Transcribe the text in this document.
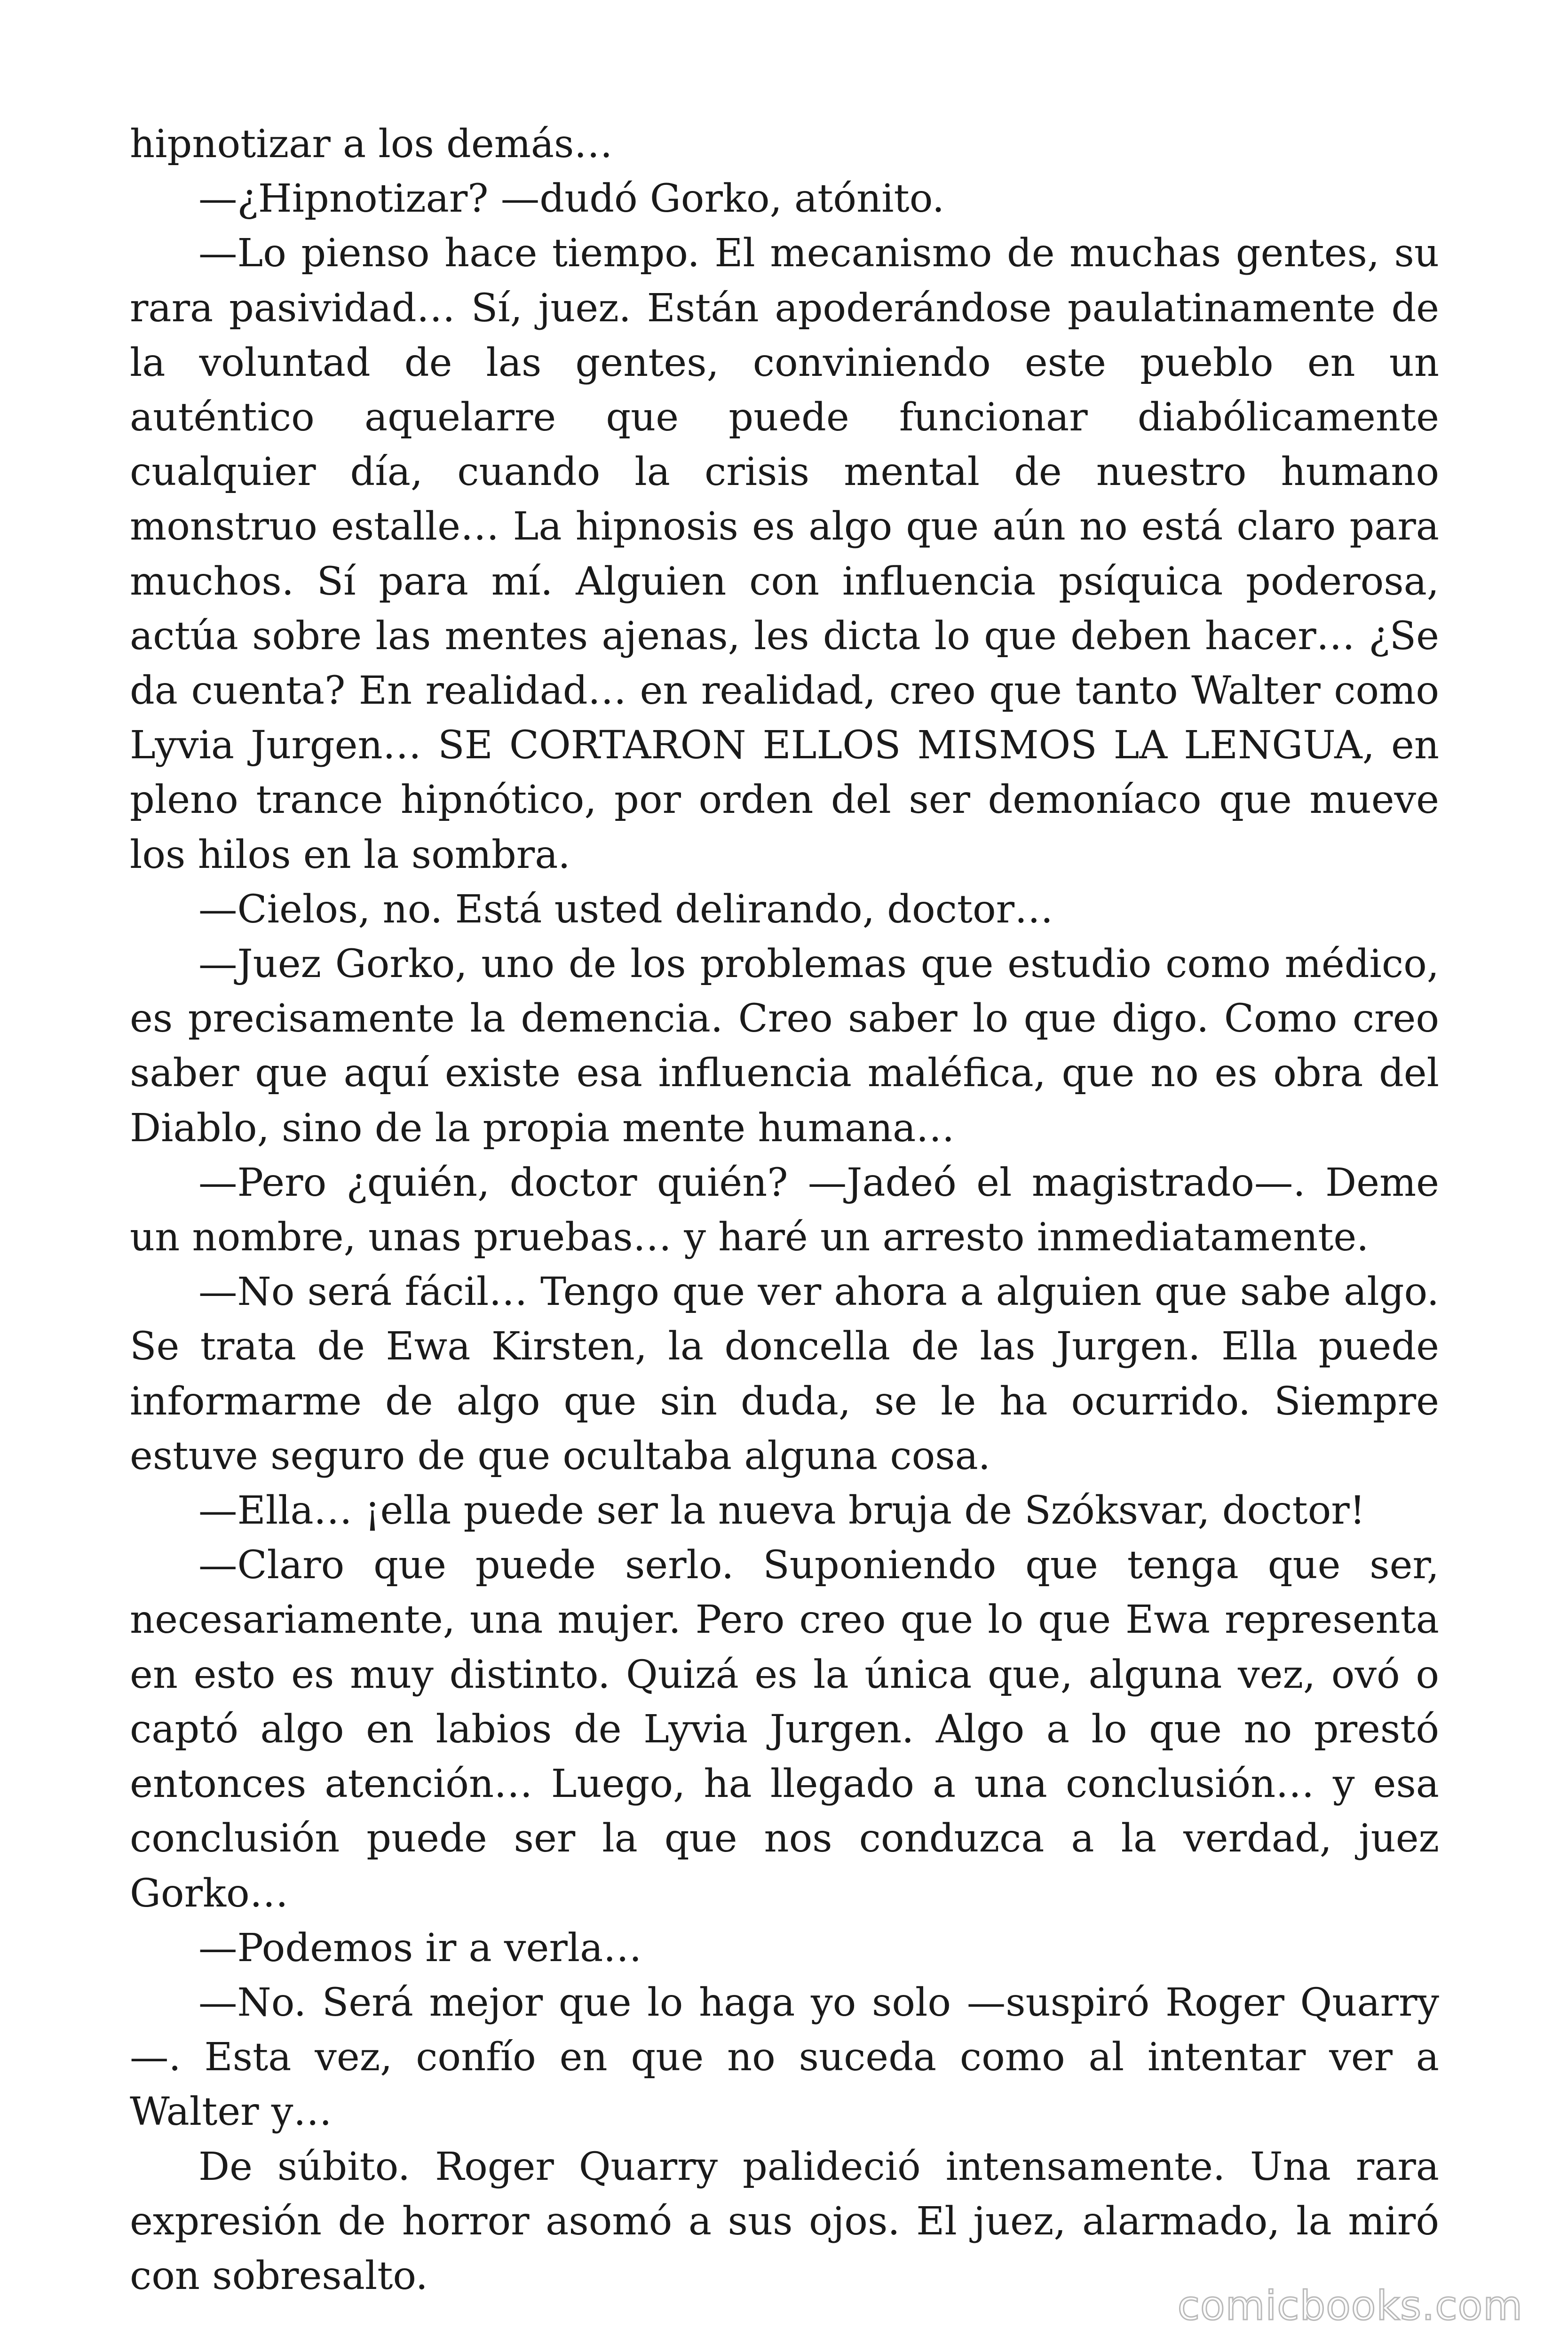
hipnotizar a los demás…

—¿Hipnotizar? —dudó Gorko, atónito.

—Lo pienso hace tiempo. El mecanismo de muchas gentes, su rara pasividad… Sí, juez. Están apoderándose paulatinamente de la voluntad de las gentes, conviniendo este pueblo en un auténtico aquelarre que puede funcionar diabólicamente cualquier día, cuando la crisis mental de nuestro humano monstruo estalle… La hipnosis es algo que aún no está claro para muchos. Sí para mí. Alguien con influencia psíquica poderosa, actúa sobre las mentes ajenas, les dicta lo que deben hacer… ¿Se da cuenta? En realidad… en realidad, creo que tanto Walter como Lyvia Jurgen… SE CORTARON ELLOS MISMOS LA LENGUA, en pleno trance hipnótico, por orden del ser demoníaco que mueve los hilos en la sombra.

—Cielos, no. Está usted delirando, doctor…

—Juez Gorko, uno de los problemas que estudio como médico, es precisamente la demencia. Creo saber lo que digo. Como creo saber que aquí existe esa influencia maléfica, que no es obra del Diablo, sino de la propia mente humana…

—Pero ¿quién, doctor quién? —Jadeó el magistrado—. Deme un nombre, unas pruebas… y haré un arresto inmediatamente.

—No será fácil… Tengo que ver ahora a alguien que sabe algo. Se trata de Ewa Kirsten, la doncella de las Jurgen. Ella puede informarme de algo que sin duda, se le ha ocurrido. Siempre estuve seguro de que ocultaba alguna cosa.

—Ella… ¡ella puede ser la nueva bruja de Szóksvar, doctor!

—Claro que puede serlo. Suponiendo que tenga que ser, necesariamente, una mujer. Pero creo que lo que Ewa representa en esto es muy distinto. Quizá es la única que, alguna vez, ovó o captó algo en labios de Lyvia Jurgen. Algo a lo que no prestó entonces atención… Luego, ha llegado a una conclusión… y esa conclusión puede ser la que nos conduzca a la verdad, juez Gorko…

—Podemos ir a verla…

—No. Será mejor que lo haga yo solo —suspiró Roger Quarry—. Esta vez, confío en que no suceda como al intentar ver a Walter y…

De súbito. Roger Quarry palideció intensamente. Una rara expresión de horror asomó a sus ojos. El juez, alarmado, la miró con sobresalto.

comicbooks.com
